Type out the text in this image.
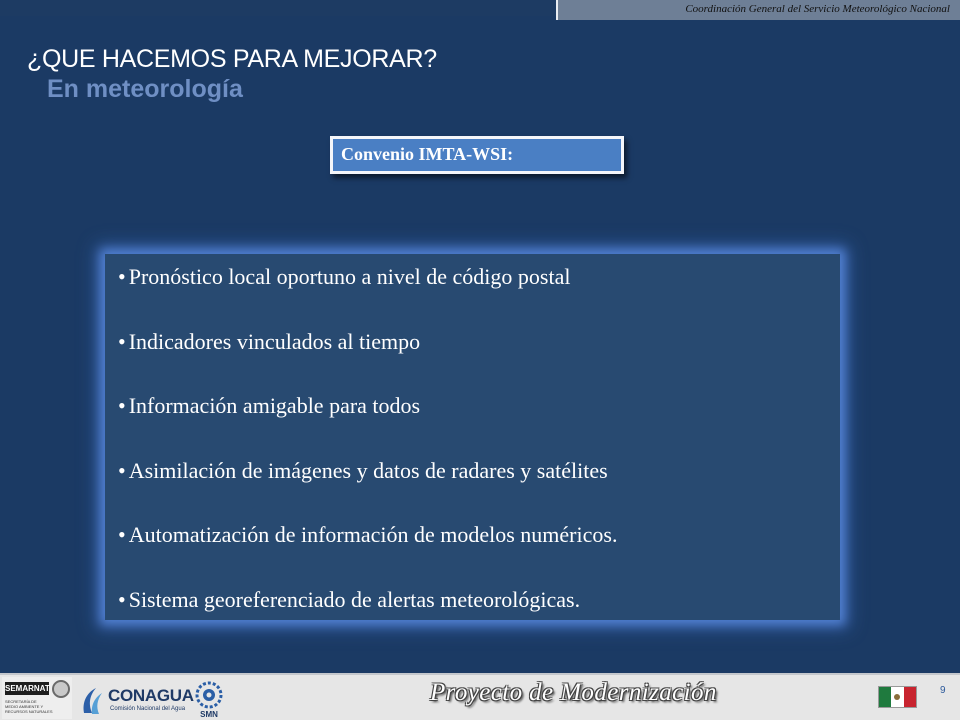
Coordinación General del Servicio Meteorológico Nacional
¿QUE HACEMOS PARA MEJORAR?
En meteorología
Convenio IMTA-WSI:
• Pronóstico local oportuno a nivel de código postal
• Indicadores vinculados al tiempo
• Información amigable para todos
• Asimilación de imágenes y datos de radares y satélites
• Automatización de información de modelos numéricos.
• Sistema georeferenciado de alertas meteorológicas.
SEMARNAT
SECRETARÍA DE
MEDIO AMBIENTE Y
RECURSOS NATURALES
CONAGUA
Comisión Nacional del Agua
SMN
Proyecto de Modernización	9
